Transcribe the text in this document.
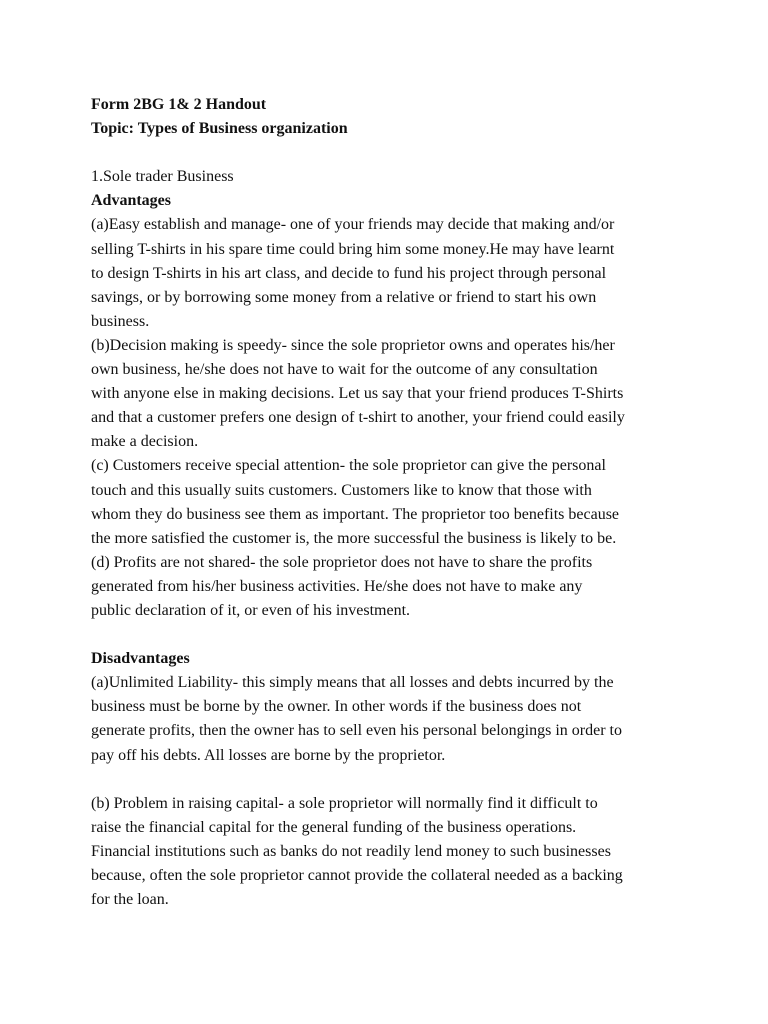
Form 2BG 1& 2 Handout
Topic: Types of Business organization
1.Sole trader Business
Advantages
(a)Easy establish and manage- one of your friends may decide that making and/or
selling T-shirts in his spare time could bring him some money.He may have learnt
to design T-shirts in his art class, and decide to fund his project through personal
savings, or by borrowing some money from a relative or friend to start his own
business.
(b)Decision making is speedy- since the sole proprietor owns and operates his/her
own business, he/she does not have to wait for the outcome of any consultation
with anyone else in making decisions. Let us say that your friend produces T-Shirts
and that a customer prefers one design of t-shirt to another, your friend could easily
make a decision.
(c) Customers receive special attention- the sole proprietor can give the personal
touch and this usually suits customers. Customers like to know that those with
whom they do business see them as important. The proprietor too benefits because
the more satisfied the customer is, the more successful the business is likely to be.
(d) Profits are not shared- the sole proprietor does not have to share the profits
generated from his/her business activities. He/she does not have to make any
public declaration of it, or even of his investment.
Disadvantages
(a)Unlimited Liability- this simply means that all losses and debts incurred by the
business must be borne by the owner. In other words if the business does not
generate profits, then the owner has to sell even his personal belongings in order to
pay off his debts. All losses are borne by the proprietor.
(b) Problem in raising capital- a sole proprietor will normally find it difficult to
raise the financial capital for the general funding of the business operations.
Financial institutions such as banks do not readily lend money to such businesses
because, often the sole proprietor cannot provide the collateral needed as a backing
for the loan.
